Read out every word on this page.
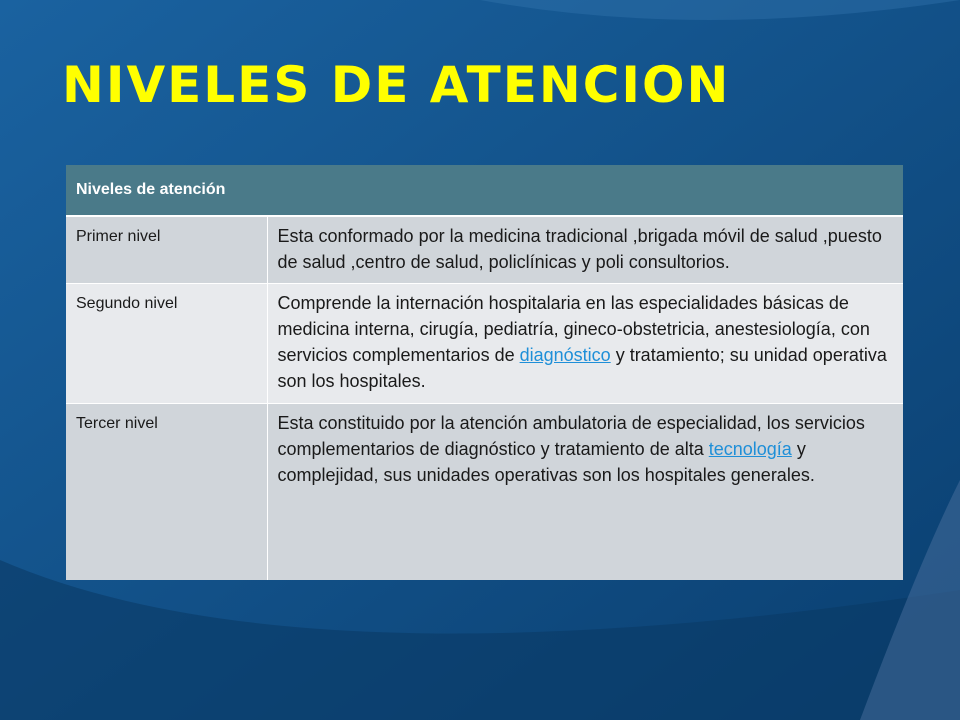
NIVELES DE ATENCION
Niveles de atención	
Primer nivel	Esta conformado por la medicina tradicional ,brigada móvil de salud ,puesto de salud ,centro de salud, policlínicas y poli consultorios.
Segundo nivel	Comprende la internación hospitalaria en las especialidades básicas de medicina interna, cirugía, pediatría, gineco-obstetricia, anestesiología, con servicios complementarios de diagnóstico y tratamiento; su unidad operativa son los hospitales.
Tercer nivel	Esta constituido por la atención ambulatoria de especialidad, los servicios complementarios de diagnóstico y tratamiento de alta tecnología y complejidad, sus unidades operativas son los hospitales generales.
